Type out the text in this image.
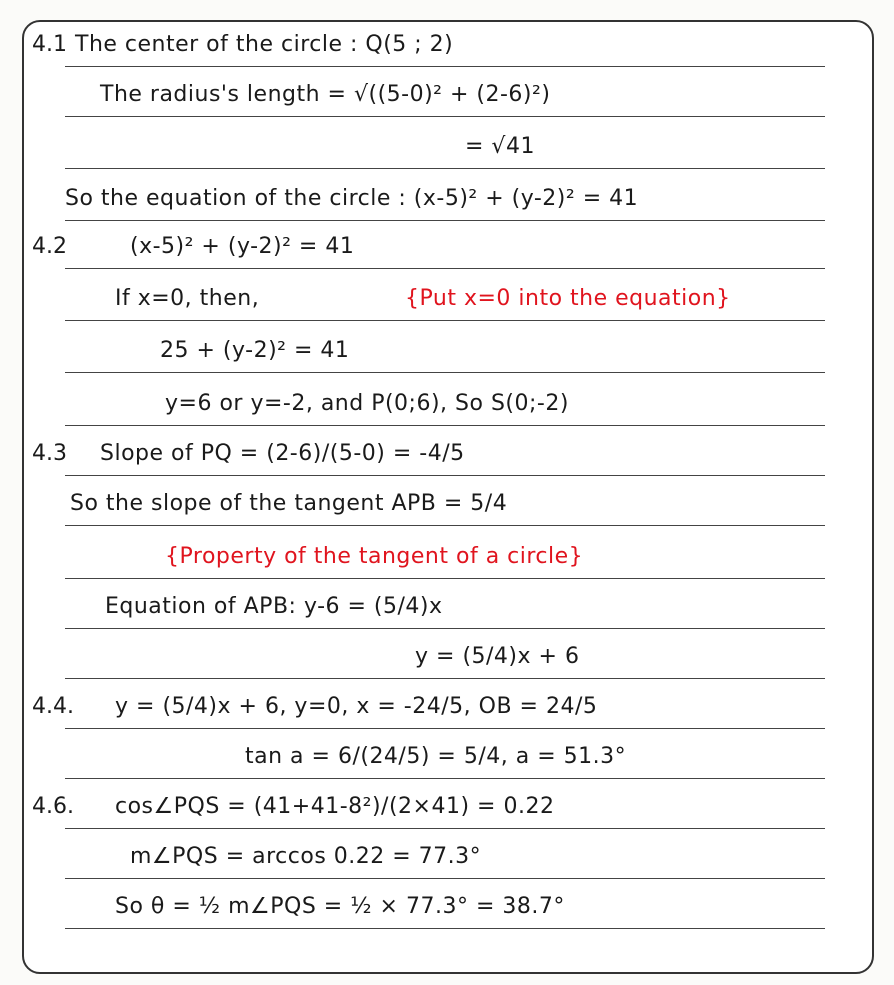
4.1 The center of the circle : Q(5 ; 2)
The radius's length = √((5-0)² + (2-6)²)
= √41
So the equation of the circle : (x-5)² + (y-2)² = 41
4.2	(x-5)² + (y-2)² = 41
If x=0, then,	{Put x=0 into the equation}
25 + (y-2)² = 41
y=6 or y=-2, and P(0;6), So S(0;-2)
4.3 Slope of PQ = (2-6)/(5-0) = -4/5
So the slope of the tangent APB = 5/4
{Property of the tangent of a circle}
Equation of APB: y-6 = (5/4)x
y = (5/4)x + 6
4.4. y = (5/4)x + 6, y=0, x = -24/5, OB = 24/5
tan a = 6/(24/5) = 5/4, a = 51.3°
4.6. cos∠PQS = (41+41-8²)/(2×41) = 0.22
m∠PQS = arccos 0.22 = 77.3°
So θ = ½ m∠PQS = ½ × 77.3° = 38.7°
